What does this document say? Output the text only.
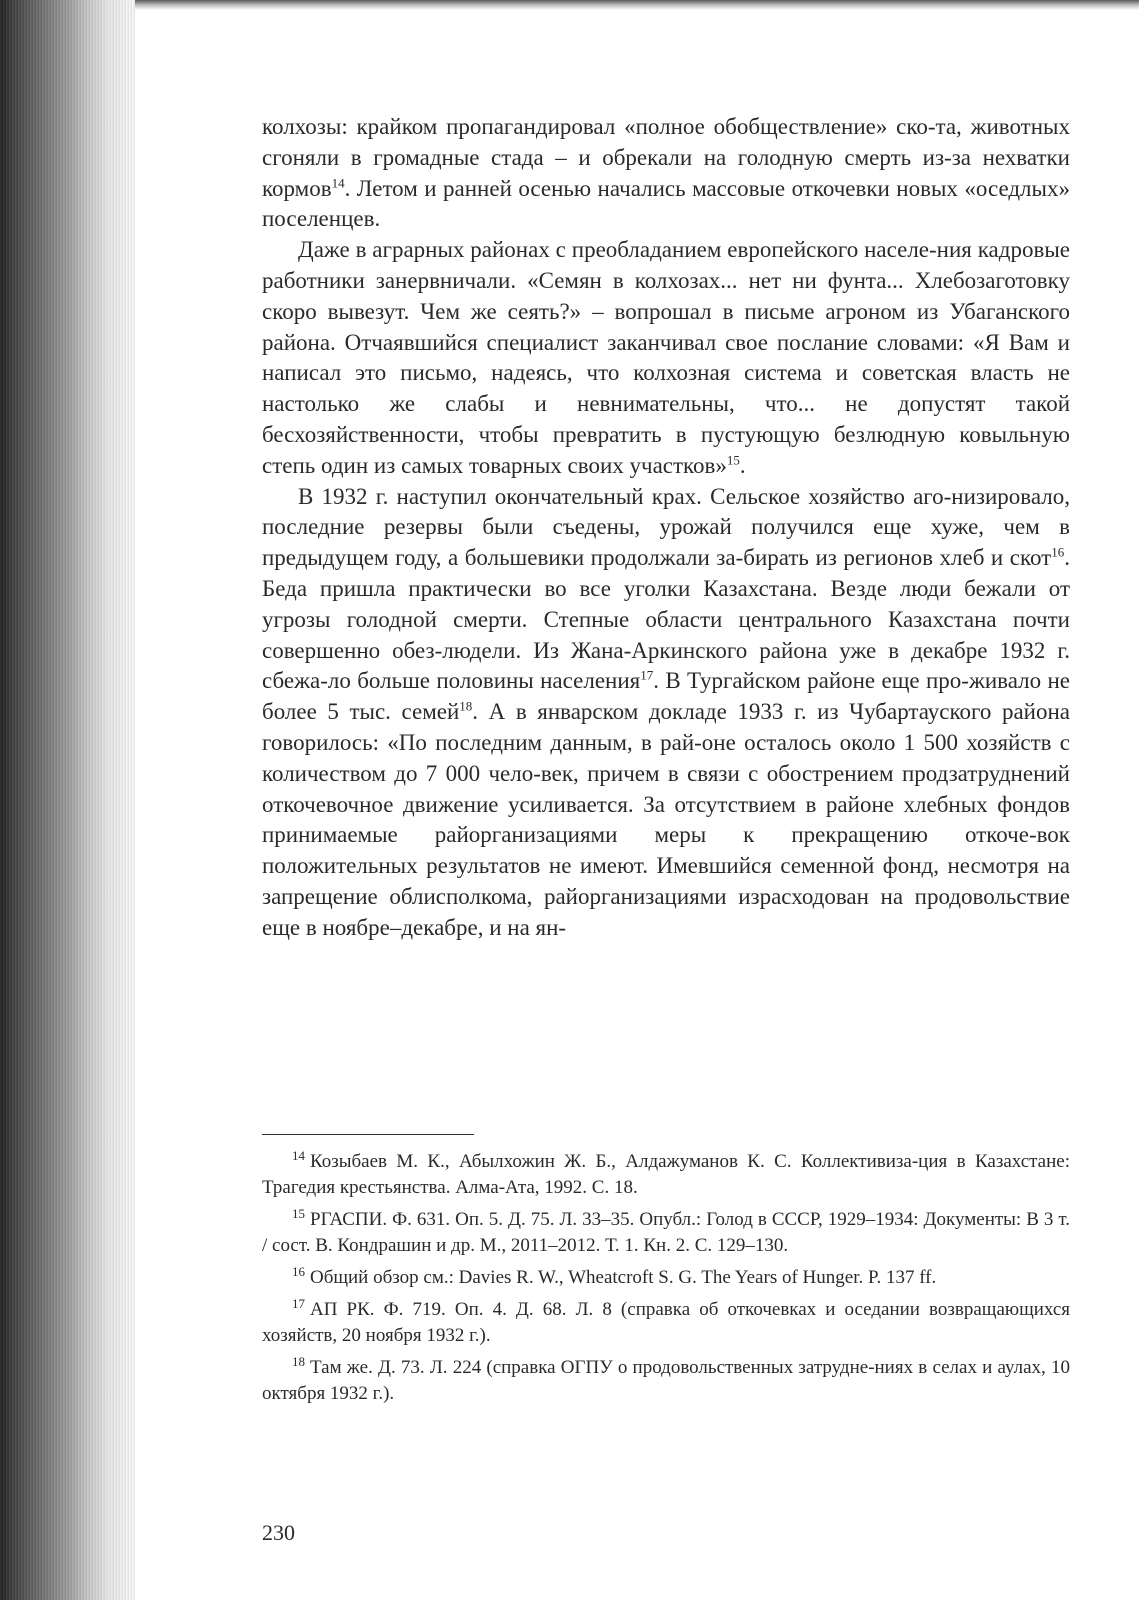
колхозы: крайком пропагандировал «полное обобществление» ско-та, животных сгоняли в громадные стада – и обрекали на голодную смерть из-за нехватки кормов$^{14}$. Летом и ранней осенью начались массовые откочевки новых «оседлых» поселенцев.

Даже в аграрных районах с преобладанием европейского населе-ния кадровые работники занервничали. «Семян в колхозах... нет ни фунта... Хлебозаготовку скоро вывезут. Чем же сеять?» – вопрошал в письме агроном из Убаганского района. Отчаявшийся специалист заканчивал свое послание словами: «Я Вам и написал это письмо, надеясь, что колхозная система и советская власть не настолько же слабы и невнимательны, что... не допустят такой бесхозяйственности, чтобы превратить в пустующую безлюдную ковыльную степь один из самых товарных своих участков»$^{15}$.

В 1932 г. наступил окончательный крах. Сельское хозяйство аго-низировало, последние резервы были съедены, урожай получился еще хуже, чем в предыдущем году, а большевики продолжали за-бирать из регионов хлеб и скот$^{16}$. Беда пришла практически во все уголки Казахстана. Везде люди бежали от угрозы голодной смерти. Степные области центрального Казахстана почти совершенно обез-людели. Из Жана-Аркинского района уже в декабре 1932 г. сбежа-ло больше половины населения$^{17}$. В Тургайском районе еще про-живало не более 5 тыс. семей$^{18}$. А в январском докладе 1933 г. из Чубартауского района говорилось: «По последним данным, в рай-оне осталось около 1 500 хозяйств с количеством до 7 000 чело-век, причем в связи с обострением продзатруднений откочевочное движение усиливается. За отсутствием в районе хлебных фондов принимаемые райорганизациями меры к прекращению откоче-вок положительных результатов не имеют. Имевшийся семенной фонд, несмотря на запрещение облисполкома, райорганизациями израсходован на продовольствие еще в ноябре–декабре, и на ян-

$^{14}$ Козыбаев М. К., Абылхожин Ж. Б., Алдажуманов К. С. Коллективиза-ция в Казахстане: Трагедия крестьянства. Алма-Ата, 1992. С. 18.
$^{15}$ РГАСПИ. Ф. 631. Оп. 5. Д. 75. Л. 33–35. Опубл.: Голод в СССР, 1929–1934: Документы: В 3 т. / сост. В. Кондрашин и др. М., 2011–2012. Т. 1. Кн. 2. С. 129–130.
$^{16}$ Общий обзор см.: Davies R. W., Wheatcroft S. G. The Years of Hunger. P. 137 ff.
$^{17}$ АП РК. Ф. 719. Оп. 4. Д. 68. Л. 8 (справка об откочевках и оседании возвращающихся хозяйств, 20 ноября 1932 г.).
$^{18}$ Там же. Д. 73. Л. 224 (справка ОГПУ о продовольственных затрудне-ниях в селах и аулах, 10 октября 1932 г.).
230
